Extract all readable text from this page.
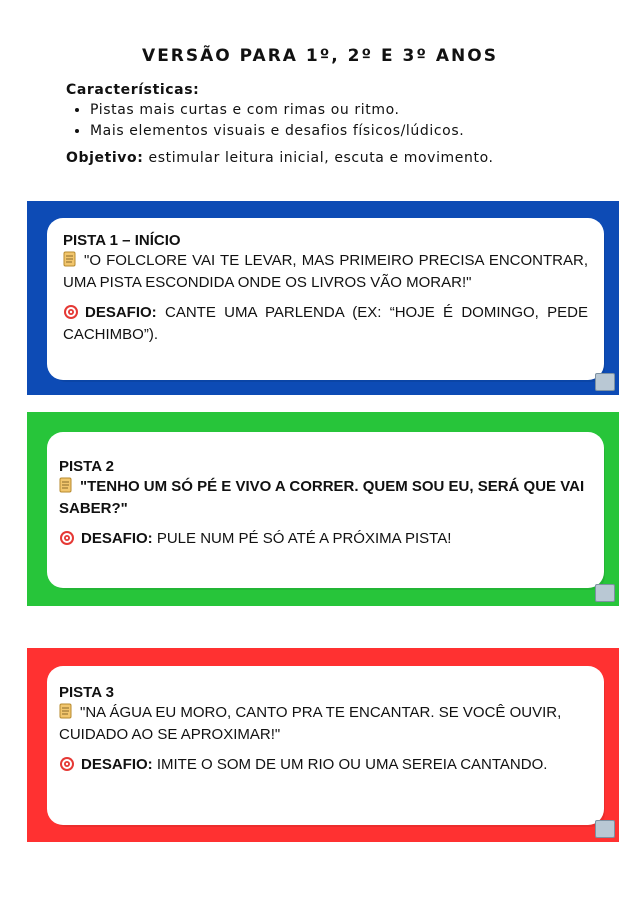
VERSÃO PARA 1º, 2º E 3º ANOS
Características:
• Pistas mais curtas e com rimas ou ritmo.
• Mais elementos visuais e desafios físicos/lúdicos.
Objetivo: estimular leitura inicial, escuta e movimento.
PISTA 1 – INÍCIO
"O FOLCLORE VAI TE LEVAR, MAS PRIMEIRO PRECISA ENCONTRAR, UMA PISTA ESCONDIDA ONDE OS LIVROS VÃO MORAR!"
DESAFIO: CANTE UMA PARLENDA (EX: “HOJE É DOMINGO, PEDE CACHIMBO”).
PISTA 2
"TENHO UM SÓ PÉ E VIVO A CORRER. QUEM SOU EU, SERÁ QUE VAI SABER?"
DESAFIO: PULE NUM PÉ SÓ ATÉ A PRÓXIMA PISTA!
PISTA 3
"NA ÁGUA EU MORO, CANTO PRA TE ENCANTAR. SE VOCÊ OUVIR, CUIDADO AO SE APROXIMAR!"
DESAFIO: IMITE O SOM DE UM RIO OU UMA SEREIA CANTANDO.
